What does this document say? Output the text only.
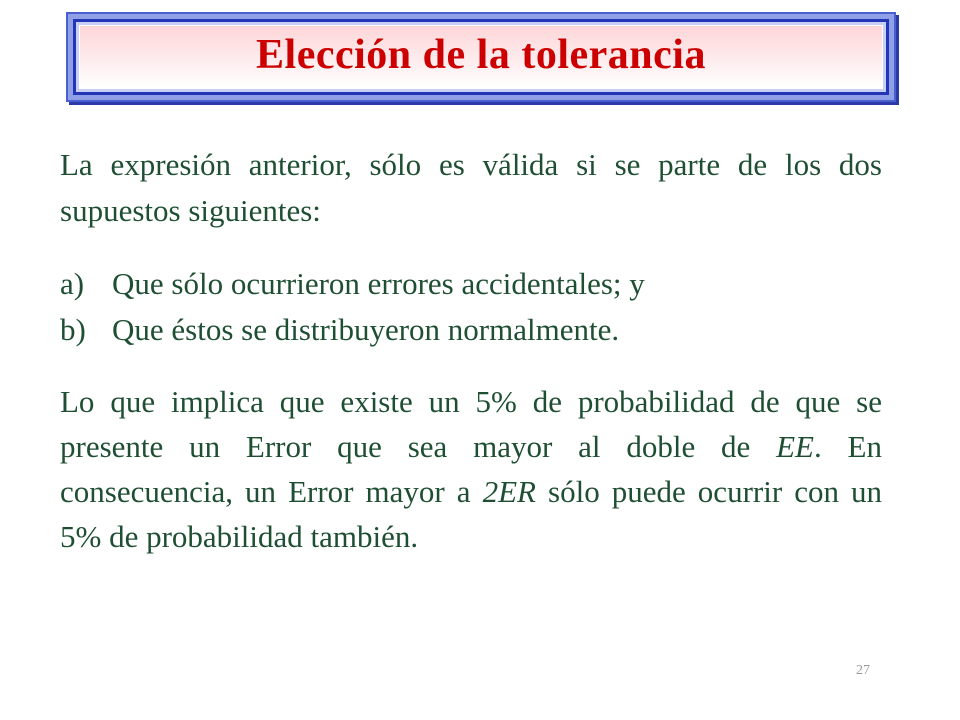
Elección de la tolerancia
La expresión anterior, sólo es válida si se parte de los dos supuestos siguientes:
a) Que sólo ocurrieron errores accidentales; y
b) Que éstos se distribuyeron normalmente.
Lo que implica que existe un 5% de probabilidad de que se presente un Error que sea mayor al doble de EE. En consecuencia, un Error mayor a 2ER sólo puede ocurrir con un 5% de probabilidad también.
27
